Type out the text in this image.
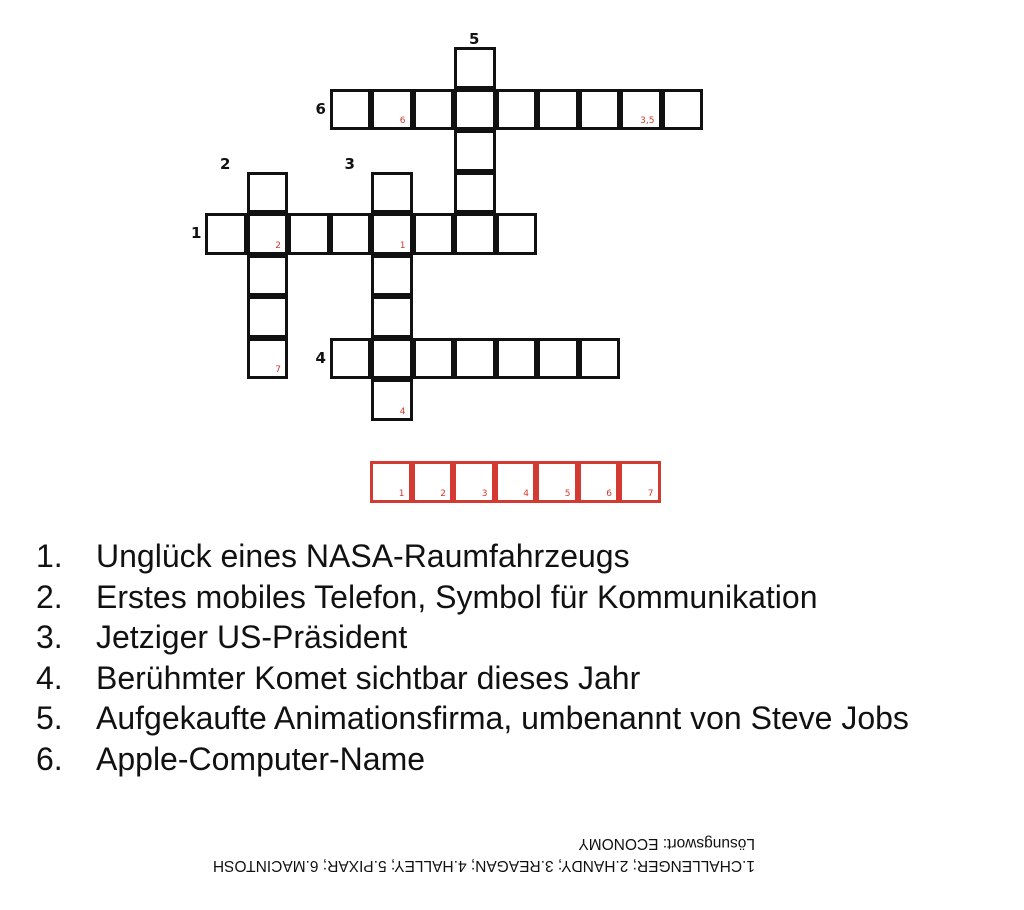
6	3,5
2	1
7
4
5
6
2	3
1
4
1	2	3	4	5	6	7
1. Unglück eines NASA-Raumfahrzeugs
2. Erstes mobiles Telefon, Symbol für Kommunikation
3. Jetziger US-Präsident
4. Berühmter Komet sichtbar dieses Jahr
5. Aufgekaufte Animationsfirma, umbenannt von Steve Jobs
6. Apple-Computer-Name
1.CHALLENGER; 2.HANDY; 3.REAGAN; 4.HALLEY; 5.PIXAR; 6.MACINTOSH
Lösungswort: ECONOMY
